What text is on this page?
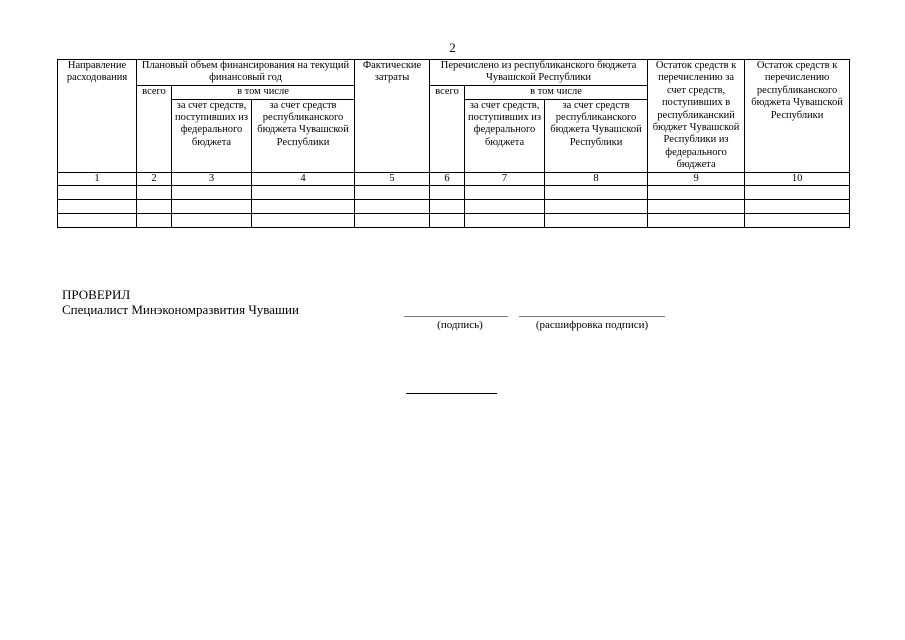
2
Направление расходования	Плановый объем финансирования на текущий финансовый год			Фактические затраты	Перечислено из республиканского бюджета Чувашской Республики			Остаток средств к перечислению за счет средств, поступивших в республиканский бюджет Чувашской Республики из федерального бюджета	Остаток средств к перечислению республиканского бюджета Чувашской Республики
	всего	в том числе			всего	в том числе			
		за счет средств, поступивших из федерального бюджета	за счет средств республиканского бюджета Чувашской Республики			за счет средств, поступивших из федерального бюджета	за счет средств республиканского бюджета Чувашской Республики		
1	2	3	4	5	6	7	8	9	10

ПРОВЕРИЛ
Специалист Минэкономразвития Чувашии
(подпись)	(расшифровка подписи)
